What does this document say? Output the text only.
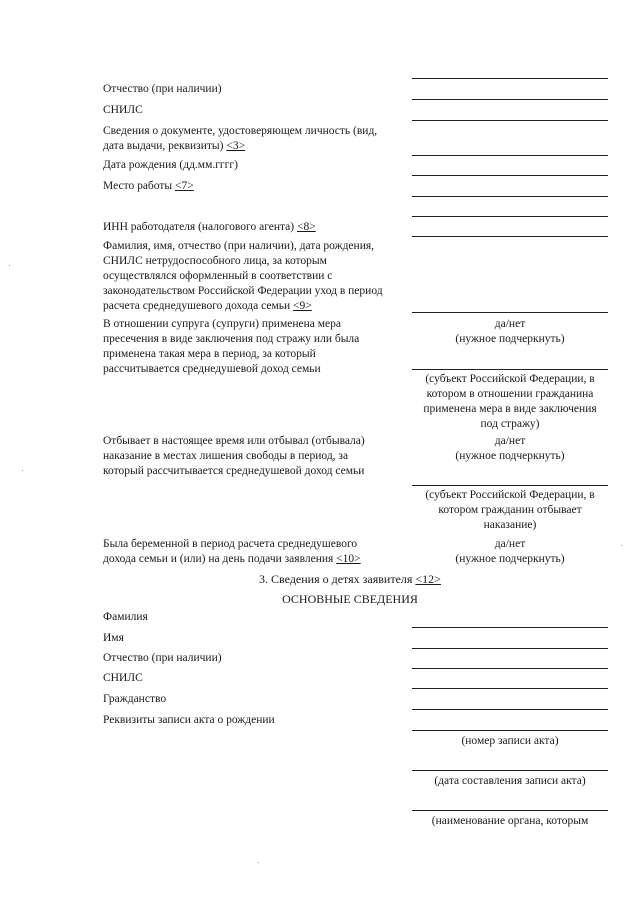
Отчество (при наличии)
СНИЛС
Сведения о документе, удостоверяющем личность (вид,
дата выдачи, реквизиты) <3>
Дата рождения (дд.мм.гггг)
Место работы <7>
ИНН работодателя (налогового агента) <8>
Фамилия, имя, отчество (при наличии), дата рождения,
СНИЛС нетрудоспособного лица, за которым
осуществлялся оформленный в соответствии с
законодательством Российской Федерации уход в период
расчета среднедушевого дохода семьи <9>
В отношении супруга (супруги) применена мера
пресечения в виде заключения под стражу или была
применена такая мера в период, за который
рассчитывается среднедушевой доход семьи
да/нет
(нужное подчеркнуть)
(субъект Российской Федерации, в
котором в отношении гражданина
применена мера в виде заключения
под стражу)
Отбывает в настоящее время или отбывал (отбывала)
наказание в местах лишения свободы в период, за
который рассчитывается среднедушевой доход семьи
да/нет
(нужное подчеркнуть)
(субъект Российской Федерации, в
котором гражданин отбывает
наказание)
Была беременной в период расчета среднедушевого
дохода семьи и (или) на день подачи заявления <10>
да/нет
(нужное подчеркнуть)
3. Сведения о детях заявителя <12>
ОСНОВНЫЕ СВЕДЕНИЯ
Фамилия
Имя
Отчество (при наличии)
СНИЛС
Гражданство
Реквизиты записи акта о рождении
(номер записи акта)
(дата составления записи акта)
(наименование органа, которым
